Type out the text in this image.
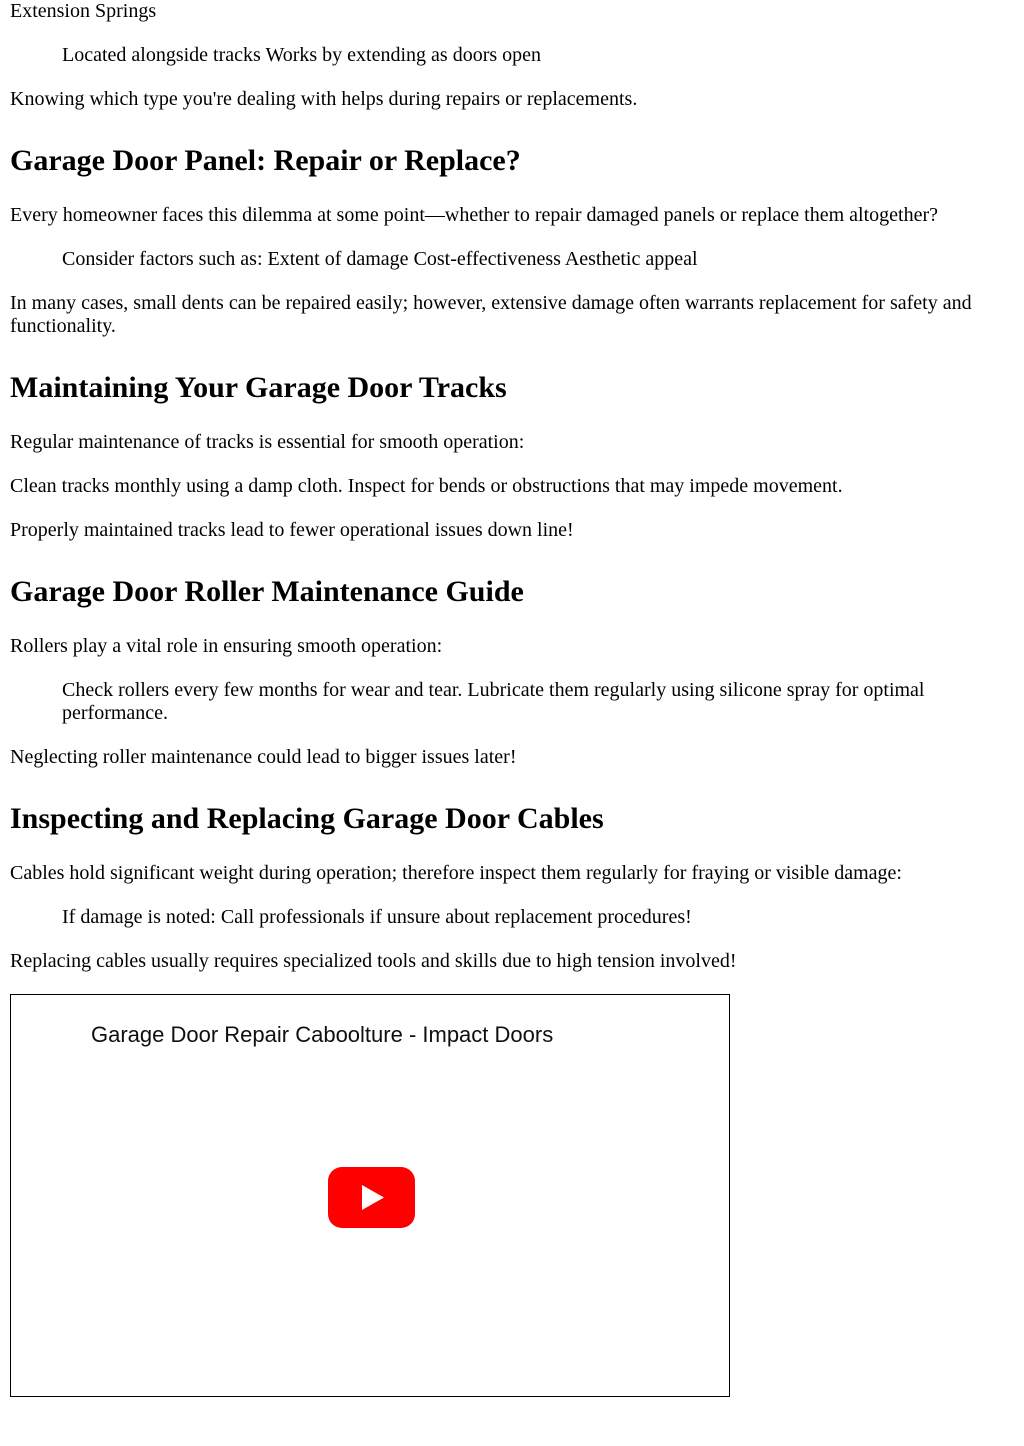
Extension Springs

Located alongside tracks Works by extending as doors open

Knowing which type you're dealing with helps during repairs or replacements.

Garage Door Panel: Repair or Replace?

Every homeowner faces this dilemma at some point—whether to repair damaged panels or replace them altogether?

Consider factors such as: Extent of damage Cost-effectiveness Aesthetic appeal

In many cases, small dents can be repaired easily; however, extensive damage often warrants replacement for safety and functionality.

Maintaining Your Garage Door Tracks

Regular maintenance of tracks is essential for smooth operation:

Clean tracks monthly using a damp cloth. Inspect for bends or obstructions that may impede movement.

Properly maintained tracks lead to fewer operational issues down line!

Garage Door Roller Maintenance Guide

Rollers play a vital role in ensuring smooth operation:

Check rollers every few months for wear and tear. Lubricate them regularly using silicone spray for optimal performance.

Neglecting roller maintenance could lead to bigger issues later!

Inspecting and Replacing Garage Door Cables

Cables hold significant weight during operation; therefore inspect them regularly for fraying or visible damage:

If damage is noted: Call professionals if unsure about replacement procedures!

Replacing cables usually requires specialized tools and skills due to high tension involved!

Garage Door Repair Caboolture - Impact Doors
